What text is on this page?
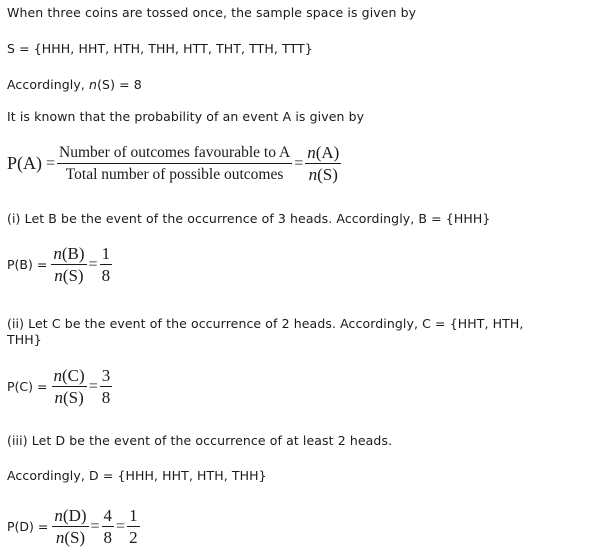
When three coins are tossed once, the sample space is given by
S = {HHH, HHT, HTH, THH, HTT, THT, TTH, TTT}
Accordingly, n(S) = 8
It is known that the probability of an event A is given by
$P(A) = \frac{\text{Number of outcomes favourable to A}}{\text{Total number of possible outcomes}} = \frac{n(A)}{n(S)}$
(i) Let B be the event of the occurrence of 3 heads. Accordingly, B = {HHH}
$P(B) = \frac{n(B)}{n(S)} = \frac{1}{8}$
(ii) Let C be the event of the occurrence of 2 heads. Accordingly, C = {HHT, HTH,
THH}
$P(C) = \frac{n(C)}{n(S)} = \frac{3}{8}$
(iii) Let D be the event of the occurrence of at least 2 heads.
Accordingly, D = {HHH, HHT, HTH, THH}
$P(D) = \frac{n(D)}{n(S)} = \frac{4}{8} = \frac{1}{2}$
